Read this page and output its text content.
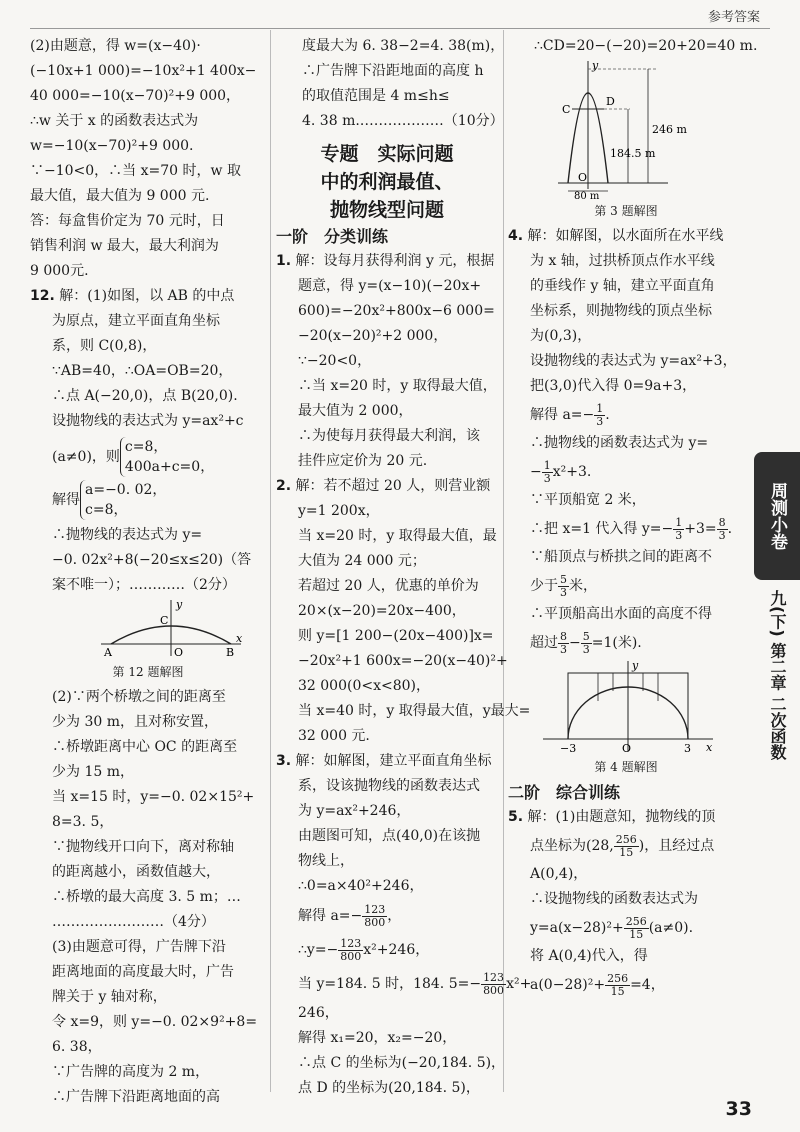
参考答案

(2)由题意，得 w=(x−40)·

(−10x+1 000)=−10x²+1 400x−

40 000=−10(x−70)²+9 000，

∴w 关于 x 的函数表达式为

w=−10(x−70)²+9 000.

∵−10<0，∴当 x=70 时，w 取

最大值，最大值为 9 000 元.

答：每盒售价定为 70 元时，日

销售利润 w 最大，最大利润为

9 000元.

12. 解：(1)如图，以 AB 的中点

为原点，建立平面直角坐标

系，则 C(0,8)，

∵AB=40，∴OA=OB=20，

∴点 A(−20,0)，点 B(20,0).

设抛物线的表达式为 y=ax²+c

(a≠0)，则
c=8，
400a+c=0，

解得
a=−0. 02，
c=8，

∴抛物线的表达式为 y=

−0. 02x²+8(−20≤x≤20)（答

案不唯一）；…………（2分）

y
x
C
A	O	B

第 12 题解图

(2)∵两个桥墩之间的距离至

少为 30 m，且对称安置，

∴桥墩距离中心 OC 的距离至

少为 15 m，

当 x=15 时，y=−0. 02×15²+

8=3. 5，

∵抛物线开口向下，离对称轴

的距离越小，函数值越大，

∴桥墩的最大高度 3. 5 m；…

……………………（4分）

(3)由题意可得，广告牌下沿

距离地面的高度最大时，广告

牌关于 y 轴对称，

令 x=9，则 y=−0. 02×9²+8=

6. 38，

∵广告牌的高度为 2 m，

∴广告牌下沿距离地面的高

度最大为 6. 38−2=4. 38(m)，

∴广告牌下沿距地面的高度 h

的取值范围是 4 m≤h≤

4. 38 m.………………（10分）

专题　实际问题

中的利润最值、

抛物线型问题

一阶　分类训练

1. 解：设每月获得利润 y 元，根据

题意，得 y=(x−10)(−20x+

600)=−20x²+800x−6 000=

−20(x−20)²+2 000，

∵−20<0，

∴当 x=20 时，y 取得最大值，

最大值为 2 000，

∴为使每月获得最大利润，该

挂件应定价为 20 元.

2. 解：若不超过 20 人，则营业额

y=1 200x，

当 x=20 时，y 取得最大值，最

大值为 24 000 元；

若超过 20 人，优惠的单价为

20×(x−20)=20x−400，

则 y=[1 200−(20x−400)]x=

−20x²+1 600x=−20(x−40)²+

32 000(0<x<80)，

当 x=40 时，y 取得最大值，y最大=

32 000 元.

3. 解：如解图，建立平面直角坐标

系，设该抛物线的函数表达式

为 y=ax²+246，

由题图可知，点(40,0)在该抛

物线上，

∴0=a×40²+246，

解得 $a=- \frac{123}{800}$ ，

∴y=− $\frac{123}{800} x^2+246$，

当 y=184. 5 时，184. $5=- \frac{123}{800} x^2+$

246，

解得 x₁=20，x₂=−20，

∴点 C 的坐标为(−20,184. 5)，

点 D 的坐标为(20,184. 5)，

∴CD=20−(−20)=20+20=40 m.

y
C
D
O
246 m
184.5 m
80 m

第 3 题解图

4. 解：如解图，以水面所在水平线

为 x 轴，过拱桥顶点作水平线

的垂线作 y 轴，建立平面直角

坐标系，则抛物线的顶点坐标

为(0,3)，

设抛物线的表达式为 y=ax²+3，

把(3,0)代入得 0=9a+3，

解得 $a=- \frac{1}{3}$ .

∴抛物线的函数表达式为 y=

− $\frac{1}{3} x^2+3$.

∵平顶船宽 2 米，

∴把 x=1 代入得 $y=- \frac{1}{3} +3= \frac{8}{3}$ .

∵船顶点与桥拱之间的距离不

少于 $\frac{5}{3}$ 米，

∴平顶船高出水面的高度不得

超过 $\frac{8}{3} - \frac{5}{3} =1$(米).

y
x
−3	O	3

第 4 题解图

二阶　综合训练

5. 解：(1)由题意知，抛物线的顶

点坐标为(28, $\frac{256}{15}$ )，且经过点

A(0,4)，

∴设抛物线的函数表达式为

$y=a(x-28)^2+ \frac{256}{15} (a\ne 0)$.

将 A(0,4)代入，得

$a(0-28)^2+ \frac{256}{15} =4$，

周测小卷
九(下) 第二章 二次函数
33
